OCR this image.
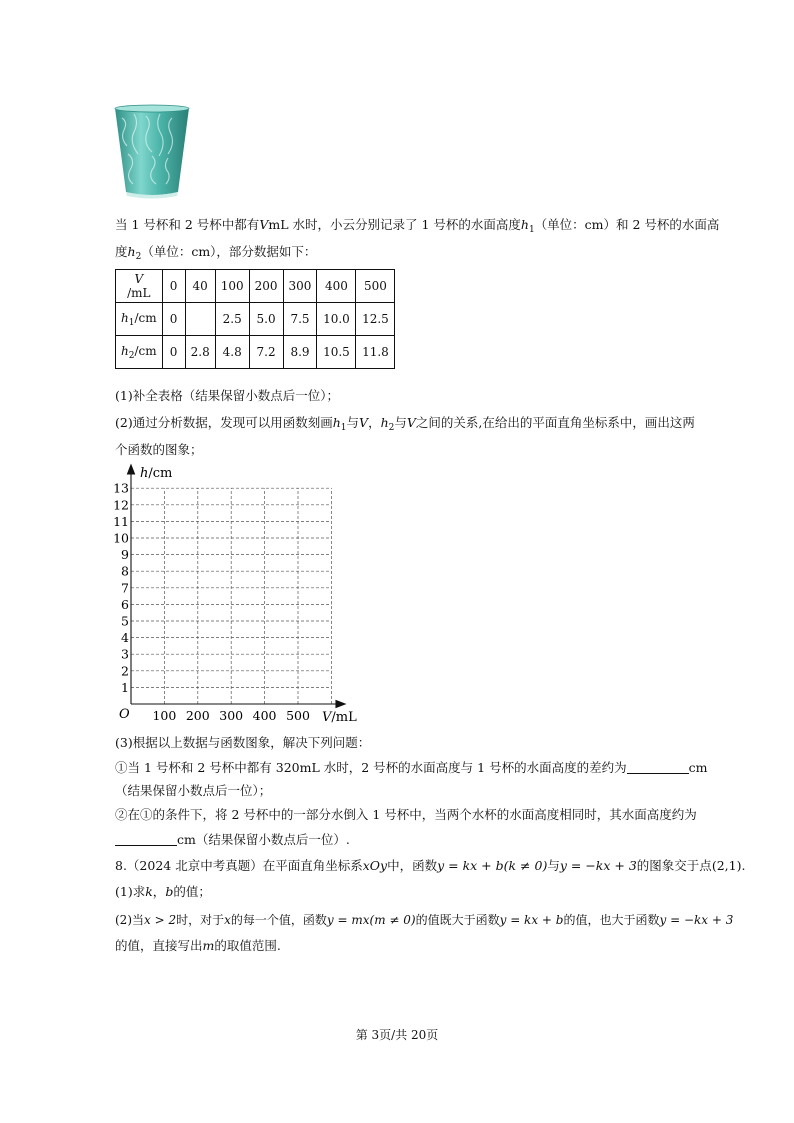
当 1 号杯和 2 号杯中都有VmL 水时，小云分别记录了 1 号杯的水面高度$h_1$（单位：cm）和 2 号杯的水面高
度$h_2$（单位：cm），部分数据如下：
V /mL	0	40	100	200	300	400	500
$h_1/cm$	0		2.5	5.0	7.5	10.0	12.5
$h_2/cm$	0	2.8	4.8	7.2	8.9	10.5	11.8
(1)补全表格（结果保留小数点后一位）；
(2)通过分析数据，发现可以用函数刻画$h_1$与V，$h_2$与V之间的关系,在给出的平面直角坐标系中，画出这两
个函数的图象；
h/cm
V/mL
O
1
2
3
4
5
6
7
8
9
10
11
12
13
100 200 300 400 500
(3)根据以上数据与函数图象，解决下列问题：
①当 1 号杯和 2 号杯中都有 320mL 水时，2 号杯的水面高度与 1 号杯的水面高度的差约为	cm
（结果保留小数点后一位）；
②在①的条件下，将 2 号杯中的一部分水倒入 1 号杯中，当两个水杯的水面高度相同时，其水面高度约为
cm（结果保留小数点后一位）.
8.（2024 北京中考真题）在平面直角坐标系xOy中，函数y = kx + b(k ≠ 0)与y = −kx + 3的图象交于点(2,1).
(1)求k，b的值；
(2)当x > 2时，对于x的每一个值，函数y = mx(m ≠ 0)的值既大于函数y = kx + b的值，也大于函数y = −kx + 3
的值，直接写出m的取值范围.
第 3页/共 20页
